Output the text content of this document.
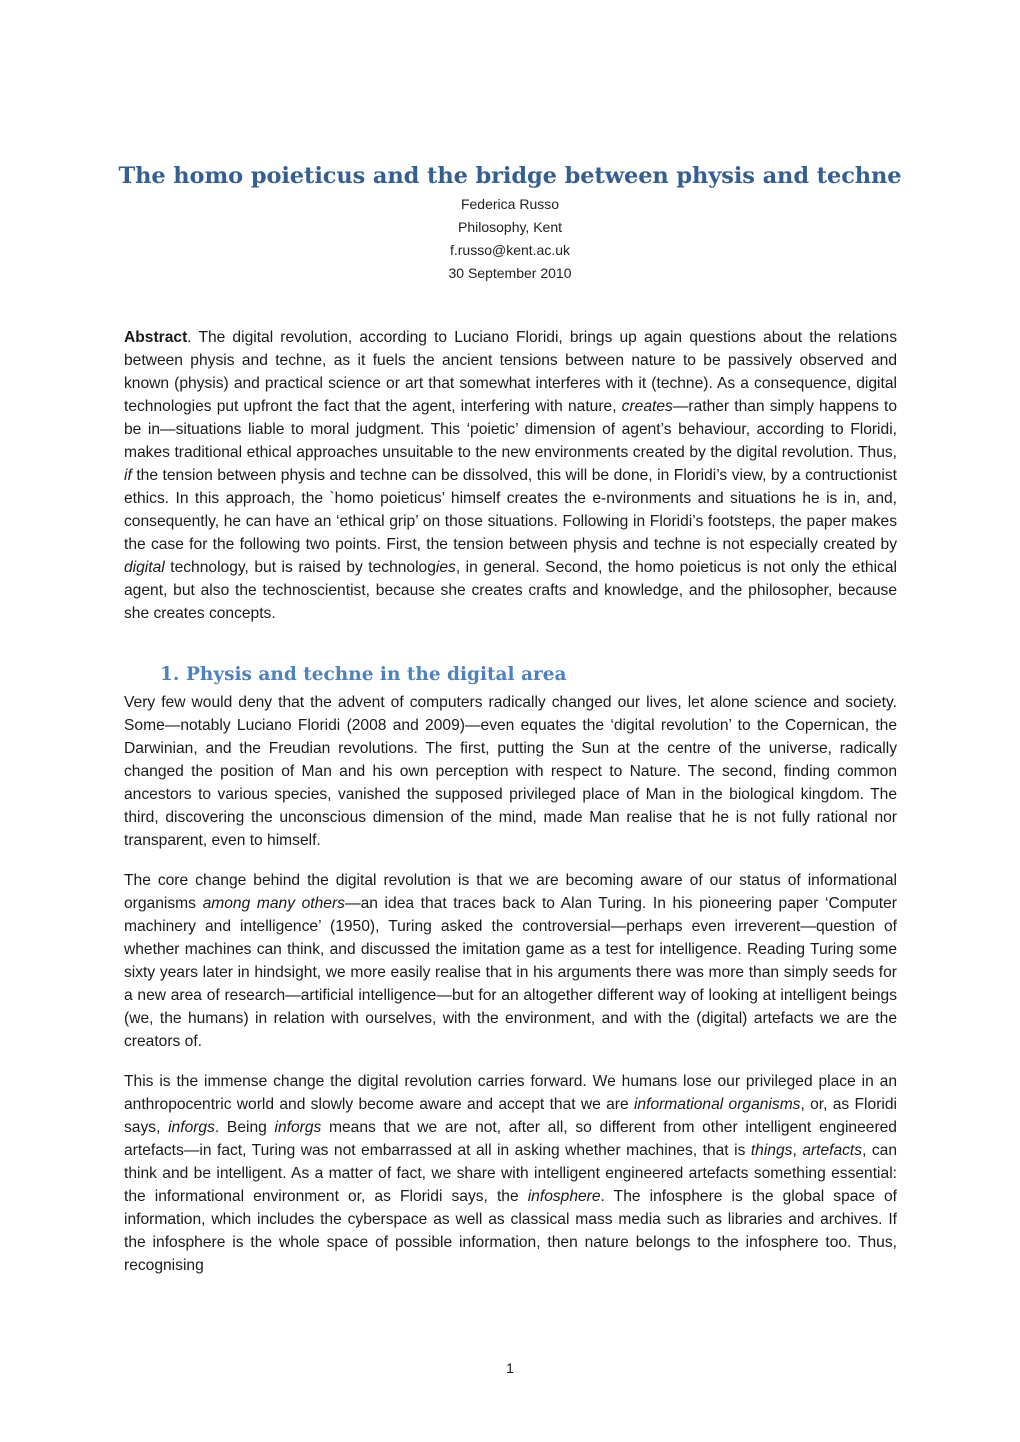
The homo poieticus and the bridge between physis and techne
Federica Russo
Philosophy, Kent
f.russo@kent.ac.uk
30 September 2010

Abstract. The digital revolution, according to Luciano Floridi, brings up again questions about the relations between physis and techne, as it fuels the ancient tensions between nature to be passively observed and known (physis) and practical science or art that somewhat interferes with it (techne). As a consequence, digital technologies put upfront the fact that the agent, interfering with nature, creates—rather than simply happens to be in—situations liable to moral judgment. This ‘poietic’ dimension of agent’s behaviour, according to Floridi, makes traditional ethical approaches unsuitable to the new environments created by the digital revolution. Thus, if the tension between physis and techne can be dissolved, this will be done, in Floridi’s view, by a contructionist ethics. In this approach, the `homo poieticus’ himself creates the e-nvironments and situations he is in, and, consequently, he can have an ‘ethical grip’ on those situations. Following in Floridi’s footsteps, the paper makes the case for the following two points. First, the tension between physis and techne is not especially created by digital technology, but is raised by technologies, in general. Second, the homo poieticus is not only the ethical agent, but also the technoscientist, because she creates crafts and knowledge, and the philosopher, because she creates concepts.

1. Physis and techne in the digital area

Very few would deny that the advent of computers radically changed our lives, let alone science and society. Some—notably Luciano Floridi (2008 and 2009)—even equates the ‘digital revolution’ to the Copernican, the Darwinian, and the Freudian revolutions. The first, putting the Sun at the centre of the universe, radically changed the position of Man and his own perception with respect to Nature. The second, finding common ancestors to various species, vanished the supposed privileged place of Man in the biological kingdom. The third, discovering the unconscious dimension of the mind, made Man realise that he is not fully rational nor transparent, even to himself.

The core change behind the digital revolution is that we are becoming aware of our status of informational organisms among many others—an idea that traces back to Alan Turing. In his pioneering paper ‘Computer machinery and intelligence’ (1950), Turing asked the controversial—perhaps even irreverent—question of whether machines can think, and discussed the imitation game as a test for intelligence. Reading Turing some sixty years later in hindsight, we more easily realise that in his arguments there was more than simply seeds for a new area of research—artificial intelligence—but for an altogether different way of looking at intelligent beings (we, the humans) in relation with ourselves, with the environment, and with the (digital) artefacts we are the creators of.

This is the immense change the digital revolution carries forward. We humans lose our privileged place in an anthropocentric world and slowly become aware and accept that we are informational organisms, or, as Floridi says, inforgs. Being inforgs means that we are not, after all, so different from other intelligent engineered artefacts—in fact, Turing was not embarrassed at all in asking whether machines, that is things, artefacts, can think and be intelligent. As a matter of fact, we share with intelligent engineered artefacts something essential: the informational environment or, as Floridi says, the infosphere. The infosphere is the global space of information, which includes the cyberspace as well as classical mass media such as libraries and archives. If the infosphere is the whole space of possible information, then nature belongs to the infosphere too. Thus, recognising

1
